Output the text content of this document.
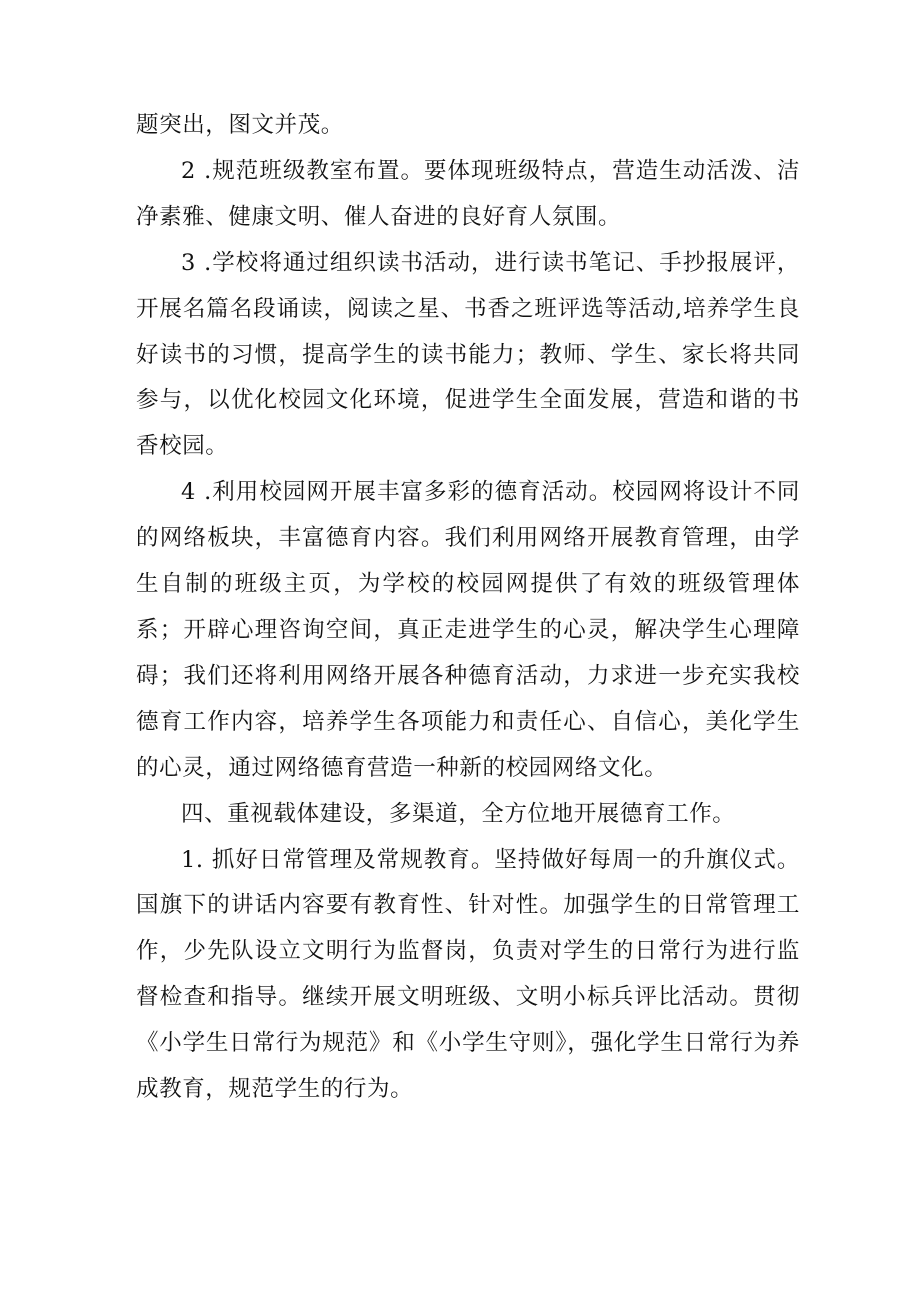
题突出，图文并茂。

2 .规范班级教室布置。要体现班级特点，营造生动活泼、洁净素雅、健康文明、催人奋进的良好育人氛围。

3 .学校将通过组织读书活动，进行读书笔记、手抄报展评，开展名篇名段诵读，阅读之星、书香之班评选等活动,培养学生良好读书的习惯，提高学生的读书能力；教师、学生、家长将共同参与，以优化校园文化环境，促进学生全面发展，营造和谐的书香校园。

4 .利用校园网开展丰富多彩的德育活动。校园网将设计不同的网络板块，丰富德育内容。我们利用网络开展教育管理，由学生自制的班级主页，为学校的校园网提供了有效的班级管理体系；开辟心理咨询空间，真正走进学生的心灵，解决学生心理障碍；我们还将利用网络开展各种德育活动，力求进一步充实我校德育工作内容，培养学生各项能力和责任心、自信心，美化学生的心灵，通过网络德育营造一种新的校园网络文化。

四、重视载体建设，多渠道，全方位地开展德育工作。

1. 抓好日常管理及常规教育。坚持做好每周一的升旗仪式。国旗下的讲话内容要有教育性、针对性。加强学生的日常管理工作，少先队设立文明行为监督岗，负责对学生的日常行为进行监督检查和指导。继续开展文明班级、文明小标兵评比活动。贯彻《小学生日常行为规范》和《小学生守则》，强化学生日常行为养成教育，规范学生的行为。
